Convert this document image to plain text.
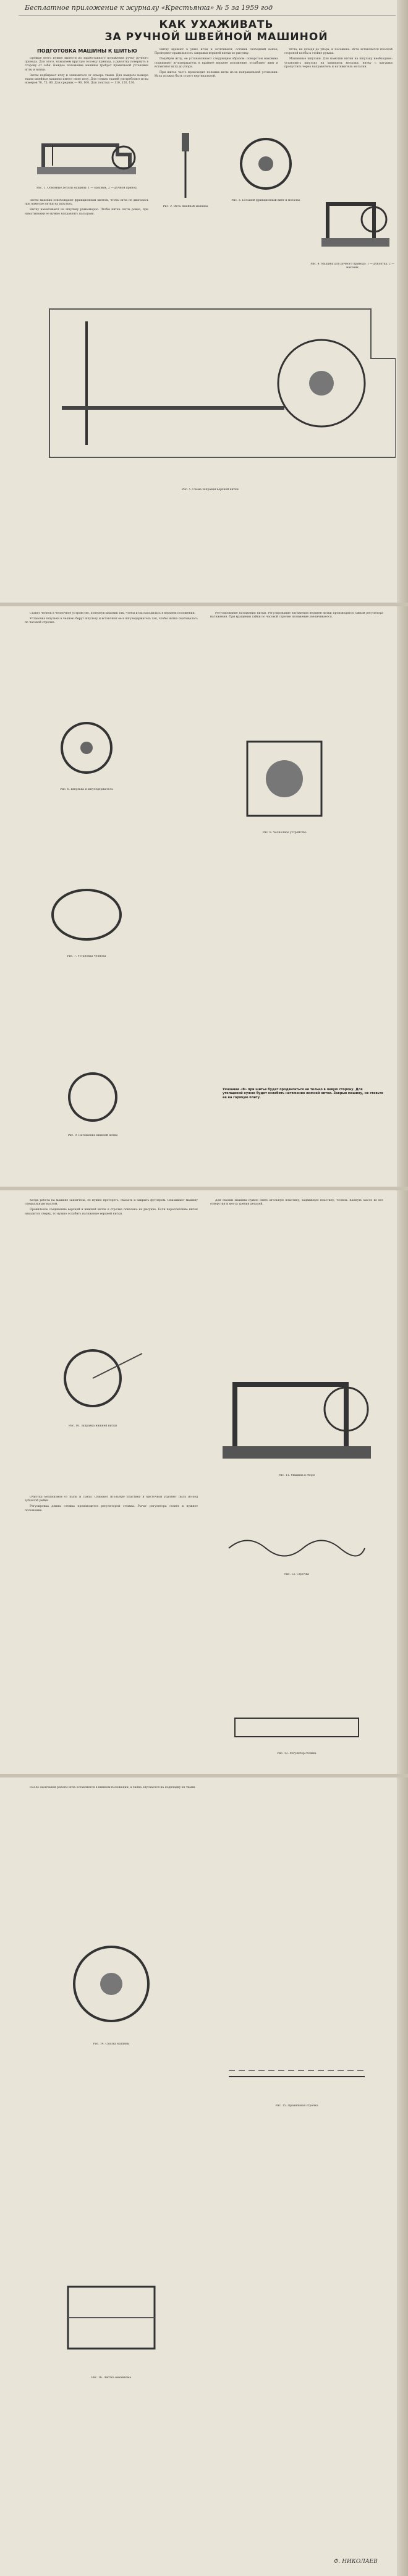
Бесплатное приложение к журналу «Крестьянка» № 5 за 1959 год
КАК УХАЖИВАТЬ
ЗА РУЧНОЙ ШВЕЙНОЙ МАШИНОЙ
ПОДГОТОВКА МАШИНЫ К ШИТЬЮ

Прежде всего нужно вывести из заработанного положения ручку ручного привода. Для этого, нажатием круглую головку привода, а рукоятку повернуть в сторону от себя. Каждое положение машины требует правильной установки иглы и нитки.

Затем подбирают иглу и заниматься от номера ткани. Для каждого номера ткани швейные машины имеют свою иглу. Для тонких тканей употребляют иглы номеров 70, 75, 80. Для средних — 90, 100. Для толстых — 110, 120, 130.

Нитку вдевают в ушко иглы и затягивают, оставив свободный конец. Проверяют правильность заправки верхней нитки по рисунку.

Подобрав иглу, ее устанавливают следующим образом: поворотом маховика поднимают иглодержатель в крайнее верхнее положение, ослабляют винт и вставляют иглу до упора.

При шитье часто происходит поломка иглы из-за неправильной установки. Игла должна быть строго вертикальной.

Игла, не доходя до упора, и посажена. Игла вставляется плоской стороной колбы к стойке рукава.

Машинные шпульки. Для намотки нитки на шпульку необходимо: установить шпульку на шпиндель моталки, нитку с катушки пропустить через направитель и натяжитель моталки.

Рис. 1. Основные детали машины: 1 — маховик, 2 — ручной привод

Затем маховик освобождают фрикционным винтом, чтобы игла не двигалась при намотке нитки на шпульку.

Нитку наматывают на шпульку равномерно. Чтобы нитка легла ровно, при наматывании ее нужно направлять пальцами.

Рис. 2. Игла швейной машины
Рис. 3. Большой фрикционный винт и моталка
Рис. 4. Машина для ручного привода: 1 — рукоятка, 2 — маховик
Рис. 5. Схема заправки верхней нитки

Ставят челнок в челночное устройство, повернув маховик так, чтобы игла находилась в верхнем положении.

Установка шпульки в челнок: берут шпульку и вставляют ее в шпуледержатель так, чтобы нитка сматывалась по часовой стрелке.

Регулирование натяжения нитки. Регулирование натяжения верхней нитки производится гайкой регулятора натяжения. При вращении гайки по часовой стрелке натяжение увеличивается.

Рис. 6. Шпулька и шпуледержатель
Рис. 7. Установка челнока
Рис. 8. Челночное устройство
Указание «В» при шитье будет продвигаться не только в левую сторону. Для утолщений нужно будет ослабить натяжение нижней нитки. Закрыв машину, не ставьте ее на горячую плиту.
Рис. 9. Натяжение нижней нитки

Когда работа на машине закончена, ее нужно протереть, смазать и закрыть футляром. Смазывают машину специальным маслом.

Правильное соединение верхней и нижней ниток в строчке показано на рисунке. Если переплетение ниток находится сверху, то нужно ослабить натяжение верхней нитки.

Для смазки машины нужно снять игольную пластину, задвижную пластину, челнок. Капнуть масло во все отверстия и места трения деталей.

Рис. 10. Заправка нижней нитки
Рис. 11. Машина в сборе

Очистка механизмов от пыли и грязи. Снимают игольную пластину и кисточкой удаляют пыль из-под зубчатой рейки.

Регулировка длины стежка производится регулятором стежка. Рычаг регулятора ставят в нужное положение.

Рис. 12. Строчка
Рис. 13. Регулятор стежка

После окончания работы игла оставляется в нижнем положении, а лапка опускается на подкладку из ткани.

Рис. 14. Смазка машины
Рис. 15. Правильная строчка
Рис. 16. Чистка механизма
Ф. НИКОЛАЕВ
